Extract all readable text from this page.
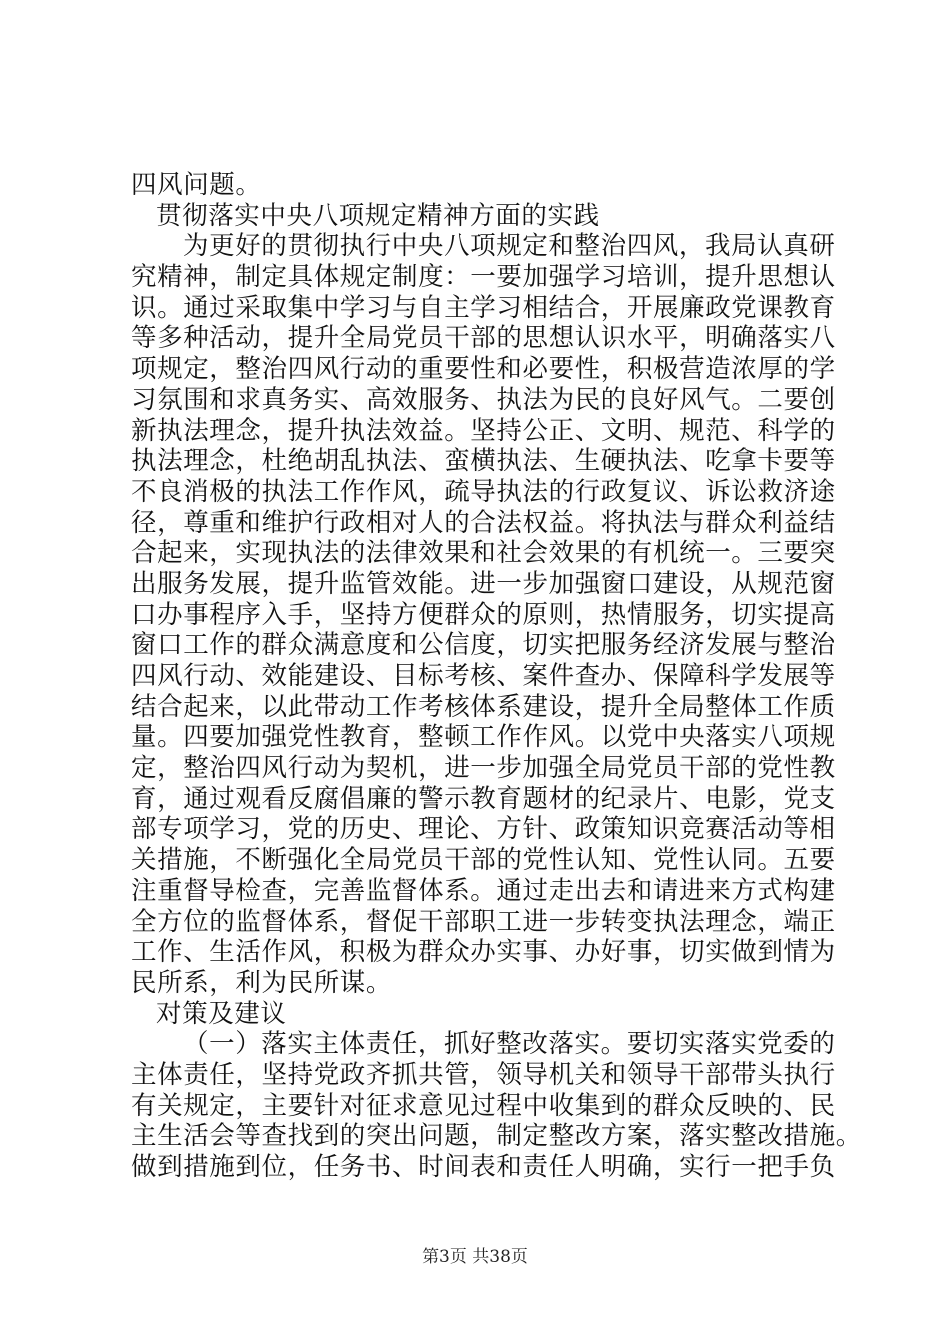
四风问题。
贯彻落实中央八项规定精神方面的实践
为更好的贯彻执行中央八项规定和整治四风，我局认真研
究精神，制定具体规定制度：一要加强学习培训，提升思想认
识。通过采取集中学习与自主学习相结合，开展廉政党课教育
等多种活动，提升全局党员干部的思想认识水平，明确落实八
项规定，整治四风行动的重要性和必要性，积极营造浓厚的学
习氛围和求真务实、高效服务、执法为民的良好风气。二要创
新执法理念，提升执法效益。坚持公正、文明、规范、科学的
执法理念，杜绝胡乱执法、蛮横执法、生硬执法、吃拿卡要等
不良消极的执法工作作风，疏导执法的行政复议、诉讼救济途
径，尊重和维护行政相对人的合法权益。将执法与群众利益结
合起来，实现执法的法律效果和社会效果的有机统一。三要突
出服务发展，提升监管效能。进一步加强窗口建设，从规范窗
口办事程序入手，坚持方便群众的原则，热情服务，切实提高
窗口工作的群众满意度和公信度，切实把服务经济发展与整治
四风行动、效能建设、目标考核、案件查办、保障科学发展等
结合起来，以此带动工作考核体系建设，提升全局整体工作质
量。四要加强党性教育，整顿工作作风。以党中央落实八项规
定，整治四风行动为契机，进一步加强全局党员干部的党性教
育，通过观看反腐倡廉的警示教育题材的纪录片、电影，党支
部专项学习，党的历史、理论、方针、政策知识竞赛活动等相
关措施，不断强化全局党员干部的党性认知、党性认同。五要
注重督导检查，完善监督体系。通过走出去和请进来方式构建
全方位的监督体系，督促干部职工进一步转变执法理念，端正
工作、生活作风，积极为群众办实事、办好事，切实做到情为
民所系，利为民所谋。
对策及建议
（一）落实主体责任，抓好整改落实。要切实落实党委的
主体责任，坚持党政齐抓共管，领导机关和领导干部带头执行
有关规定，主要针对征求意见过程中收集到的群众反映的、民
主生活会等查找到的突出问题，制定整改方案，落实整改措施。
做到措施到位，任务书、时间表和责任人明确，实行一把手负
第3页 共38页
